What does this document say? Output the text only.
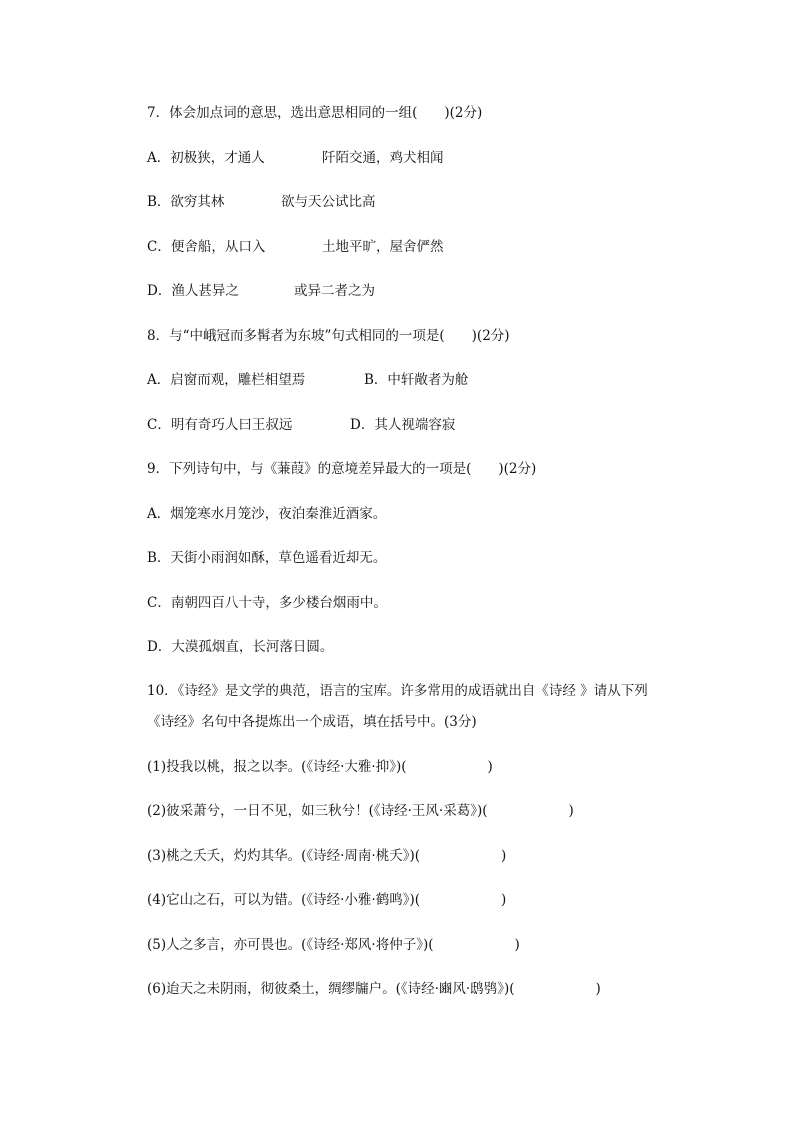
7．体会加点词的意思，选出意思相同的一组(　　)(2分)

A．初极狭，才通人	阡陌交通，鸡犬相闻
B．欲穷其林	欲与天公试比高
C．便舍船，从口入	土地平旷，屋舍俨然
D．渔人甚异之	或异二者之为

8．与“中峨冠而多髯者为东坡”句式相同的一项是(　　)(2分)

A．启窗而观，雕栏相望焉	B．中轩敞者为舱
C．明有奇巧人曰王叔远	D．其人视端容寂

9．下列诗句中，与《蒹葭》的意境差异最大的一项是(　　)(2分)

A．烟笼寒水月笼沙，夜泊秦淮近酒家。

B．天街小雨润如酥，草色遥看近却无。

C．南朝四百八十寺，多少楼台烟雨中。

D．大漠孤烟直，长河落日圆。

10．《诗经》是文学的典范，语言的宝库。许多常用的成语就出自《诗经 》请从下列

《诗经》名句中各提炼出一个成语，填在括号中。(3分)

(1)投我以桃，报之以李。(《诗经·大雅·抑》)(　　　　　　)

(2)彼采萧兮，一日不见，如三秋兮！(《诗经·王风·采葛》)(　　　　　　)

(3)桃之夭夭，灼灼其华。(《诗经·周南·桃夭》)(　　　　　　)

(4)它山之石，可以为错。(《诗经·小雅·鹤鸣》)(　　　　　　)

(5)人之多言，亦可畏也。(《诗经·郑风·将仲子》)(　　　　　　)

(6)迨天之未阴雨，彻彼桑土，绸缪牖户。(《诗经·豳风·鸱鸮》)(　　　　　　)
